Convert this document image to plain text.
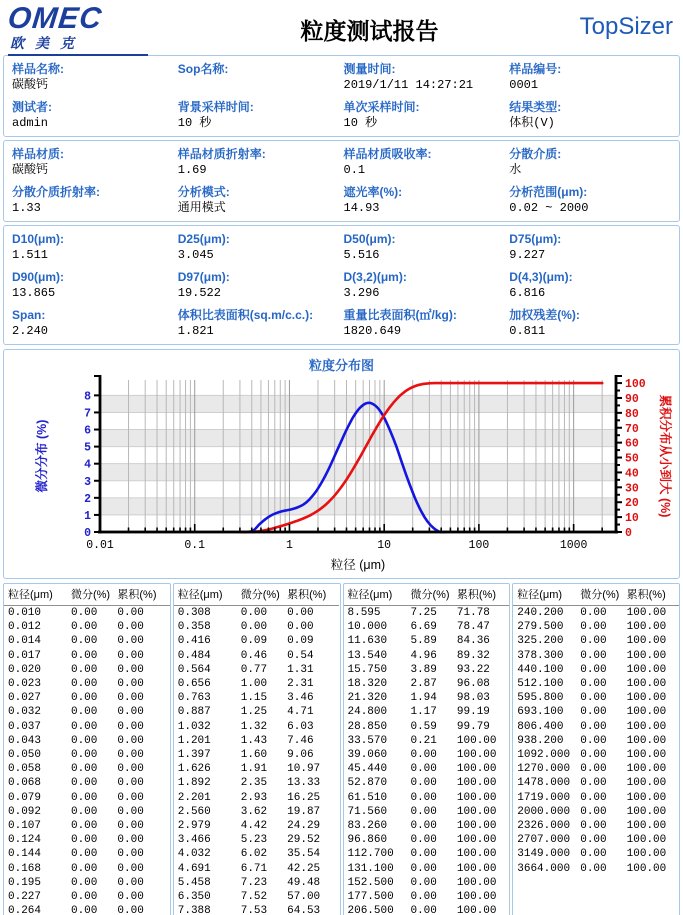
OMEC
欧美克	粒度测试报告	TopSizer
样品名称:
碳酸钙
Sop名称:	测量时间:
2019/1/11 14:27:21
样品编号:
0001
测试者:
admin
背景采样时间:
10 秒
单次采样时间:
10 秒
结果类型:
体积(V)
样品材质:
碳酸钙
样品材质折射率:
1.69
样品材质吸收率:
0.1
分散介质:
水
分散介质折射率:
1.33
分析模式:
通用模式
遮光率(%):
14.93
分析范围(μm):
0.02 ~ 2000
D10(μm):
1.511
D25(μm):
3.045
D50(μm):
5.516
D75(μm):
9.227
D90(μm):
13.865
D97(μm):
19.522
D(3,2)(μm):
3.296
D(4,3)(μm):
6.816
Span:
2.240
体积比表面积(sq.m/c.c.):
1.821
重量比表面积(㎡/kg):
1820.649
加权残差(%):
0.811
粒度分布图
0.01	0.1	1	10	100	1000
粒径 (μm)
0
1
2
3
4
5
6
7
8
微分分布 (%)
0
10
20
30
40
50
60
70
80
90
100
累积分布从小到大 (%)
粒径(μm)	微分(%) 累积(%)
0.010	0.00	0.00
0.012	0.00	0.00
0.014	0.00	0.00
0.017	0.00	0.00
0.020	0.00	0.00
0.023	0.00	0.00
0.027	0.00	0.00
0.032	0.00	0.00
0.037	0.00	0.00
0.043	0.00	0.00
0.050	0.00	0.00
0.058	0.00	0.00
0.068	0.00	0.00
0.079	0.00	0.00
0.092	0.00	0.00
0.107	0.00	0.00
0.124	0.00	0.00
0.144	0.00	0.00
0.168	0.00	0.00
0.195	0.00	0.00
0.227	0.00	0.00
0.264	0.00	0.00
粒径(μm)	微分(%) 累积(%)
0.308	0.00	0.00
0.358	0.00	0.00
0.416	0.09	0.09
0.484	0.46	0.54
0.564	0.77	1.31
0.656	1.00	2.31
0.763	1.15	3.46
0.887	1.25	4.71
1.032	1.32	6.03
1.201	1.43	7.46
1.397	1.60	9.06
1.626	1.91	10.97
1.892	2.35	13.33
2.201	2.93	16.25
2.560	3.62	19.87
2.979	4.42	24.29
3.466	5.23	29.52
4.032	6.02	35.54
4.691	6.71	42.25
5.458	7.23	49.48
6.350	7.52	57.00
7.388	7.53	64.53
粒径(μm)	微分(%) 累积(%)
8.595	7.25	71.78
10.000	6.69	78.47
11.630	5.89	84.36
13.540	4.96	89.32
15.750	3.89	93.22
18.320	2.87	96.08
21.320	1.94	98.03
24.800	1.17	99.19
28.850	0.59	99.79
33.570	0.21	100.00
39.060	0.00	100.00
45.440	0.00	100.00
52.870	0.00	100.00
61.510	0.00	100.00
71.560	0.00	100.00
83.260	0.00	100.00
96.860	0.00	100.00
112.700	0.00	100.00
131.100	0.00	100.00
152.500	0.00	100.00
177.500	0.00	100.00
206.500	0.00	100.00
粒径(μm)	微分(%) 累积(%)
240.200	0.00	100.00
279.500	0.00	100.00
325.200	0.00	100.00
378.300	0.00	100.00
440.100	0.00	100.00
512.100	0.00	100.00
595.800	0.00	100.00
693.100	0.00	100.00
806.400	0.00	100.00
938.200	0.00	100.00
1092.000 0.00	100.00
1270.000 0.00	100.00
1478.000 0.00	100.00
1719.000 0.00	100.00
2000.000 0.00	100.00
2326.000 0.00	100.00
2707.000 0.00	100.00
3149.000 0.00	100.00
3664.000 0.00	100.00
